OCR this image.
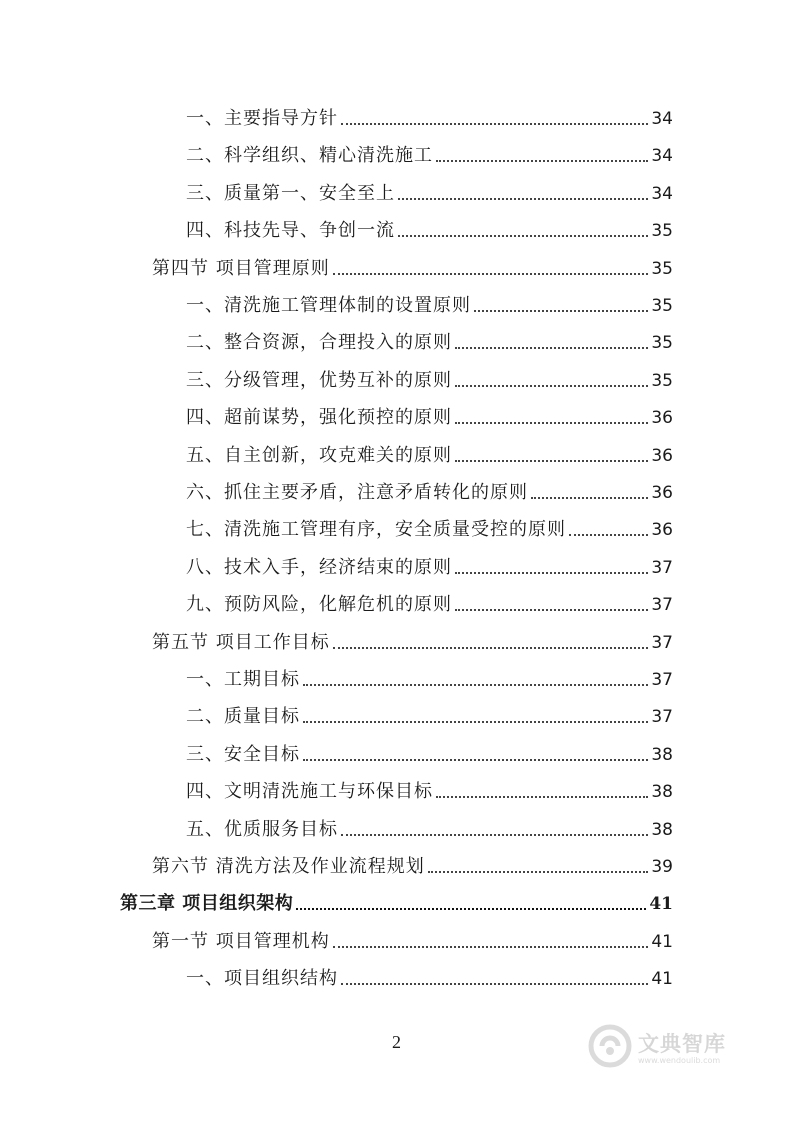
一、主要指导方针	34
二、科学组织、精心清洗施工	34
三、质量第一、安全至上	34
四、科技先导、争创一流	35
第四节 项目管理原则	35
一、清洗施工管理体制的设置原则	35
二、整合资源，合理投入的原则	35
三、分级管理，优势互补的原则	35
四、超前谋势，强化预控的原则	36
五、自主创新，攻克难关的原则	36
六、抓住主要矛盾，注意矛盾转化的原则	36
七、清洗施工管理有序，安全质量受控的原则	36
八、技术入手，经济结束的原则	37
九、预防风险，化解危机的原则	37
第五节 项目工作目标	37
一、工期目标	37
二、质量目标	37
三、安全目标	38
四、文明清洗施工与环保目标	38
五、优质服务目标	38
第六节 清洗方法及作业流程规划	39
第三章 项目组织架构	41
第一节 项目管理机构	41
一、项目组织结构	41
2	文典智库
www.wendoulib.com
